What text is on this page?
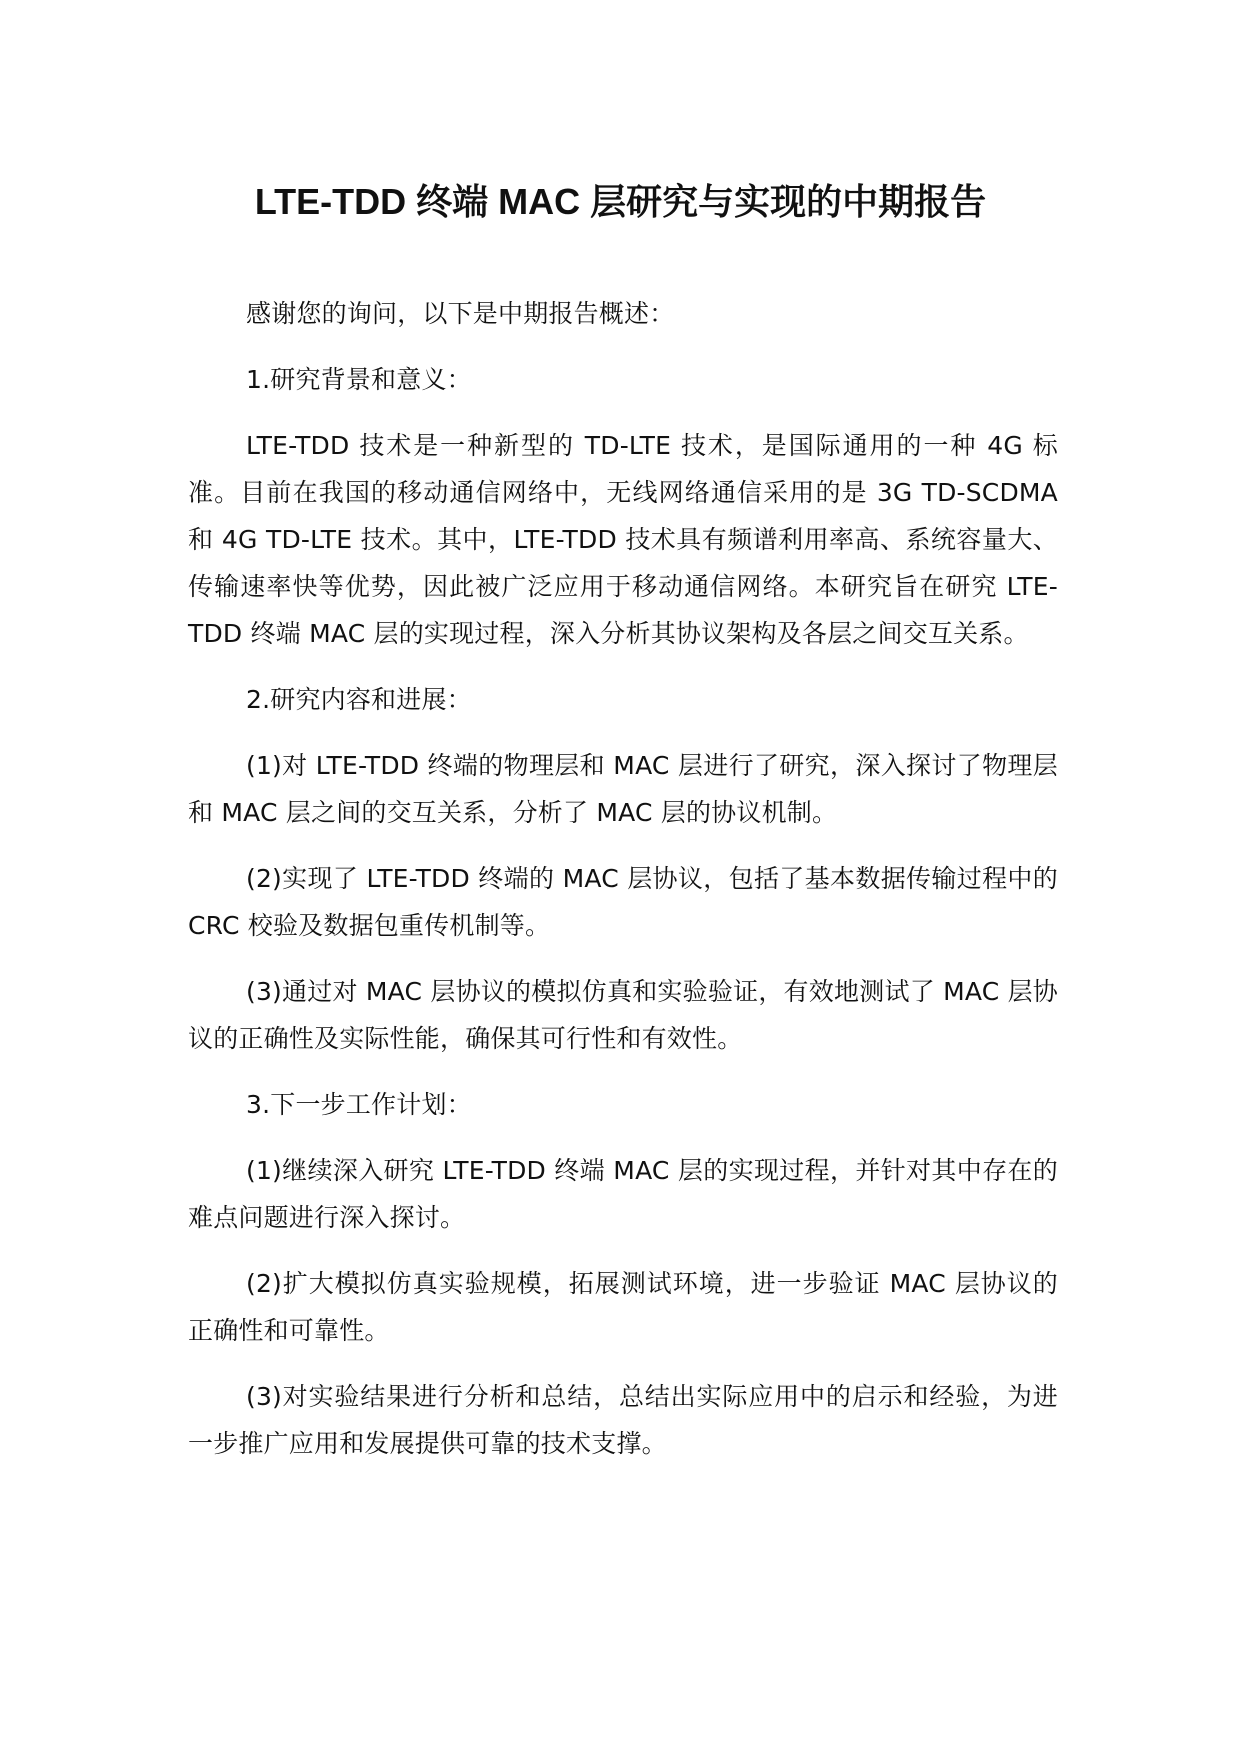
LTE-TDD 终端 MAC 层研究与实现的中期报告

感谢您的询问，以下是中期报告概述：

1.研究背景和意义：

LTE-TDD 技术是一种新型的 TD-LTE 技术，是国际通用的一种 4G 标准。目前在我国的移动通信网络中，无线网络通信采用的是 3G TD-SCDMA 和 4G TD-LTE 技术。其中，LTE-TDD 技术具有频谱利用率高、系统容量大、传输速率快等优势，因此被广泛应用于移动通信网络。本研究旨在研究 LTE-TDD 终端 MAC 层的实现过程，深入分析其协议架构及各层之间交互关系。

2.研究内容和进展：

(1)对 LTE-TDD 终端的物理层和 MAC 层进行了研究，深入探讨了物理层和 MAC 层之间的交互关系，分析了 MAC 层的协议机制。

(2)实现了 LTE-TDD 终端的 MAC 层协议，包括了基本数据传输过程中的 CRC 校验及数据包重传机制等。

(3)通过对 MAC 层协议的模拟仿真和实验验证，有效地测试了 MAC 层协议的正确性及实际性能，确保其可行性和有效性。

3.下一步工作计划：

(1)继续深入研究 LTE-TDD 终端 MAC 层的实现过程，并针对其中存在的难点问题进行深入探讨。

(2)扩大模拟仿真实验规模，拓展测试环境，进一步验证 MAC 层协议的正确性和可靠性。

(3)对实验结果进行分析和总结，总结出实际应用中的启示和经验，为进一步推广应用和发展提供可靠的技术支撑。
